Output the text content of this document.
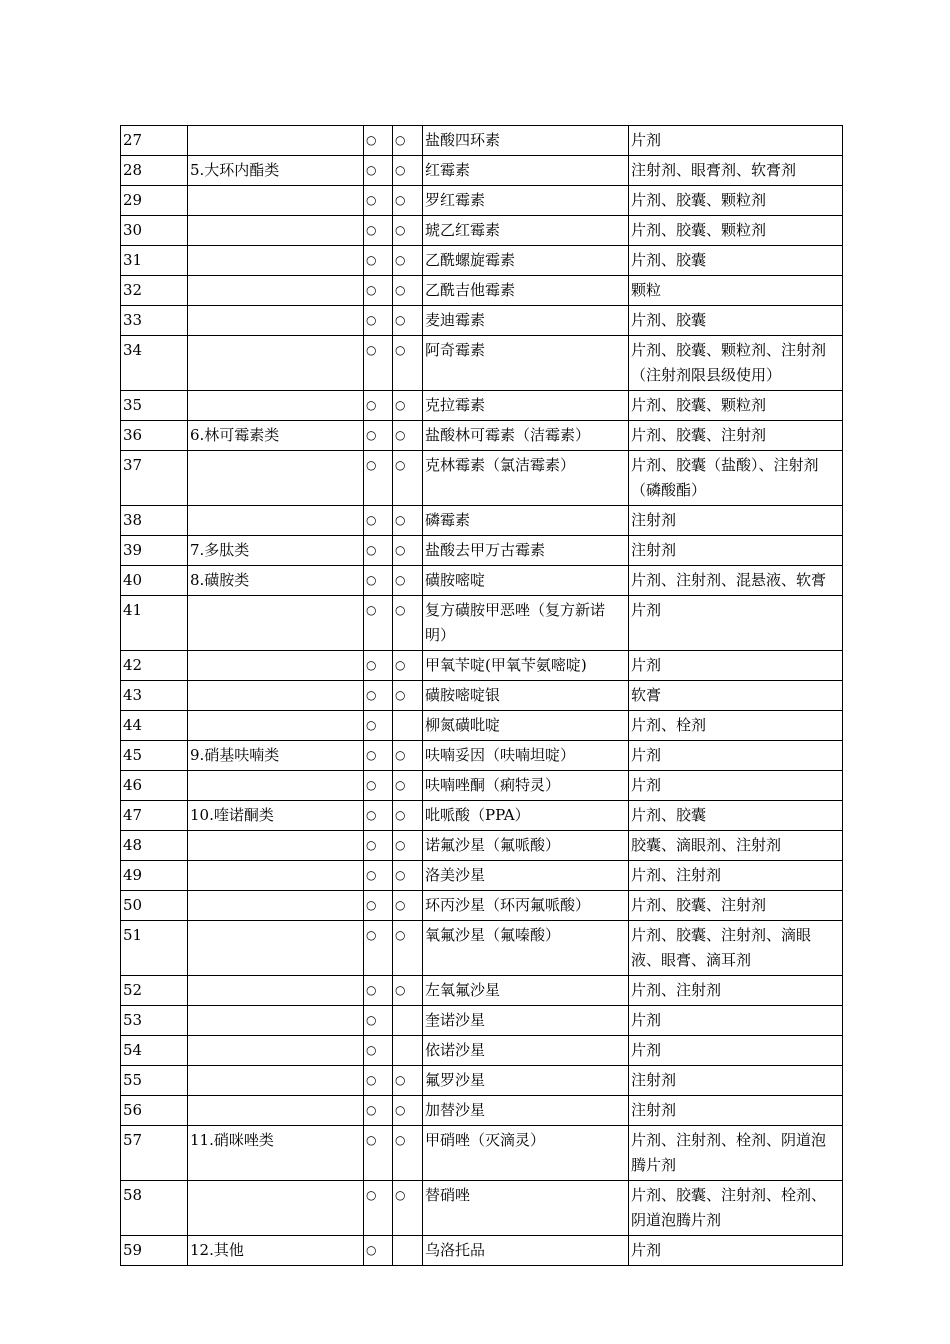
27		○	○	盐酸四环素	片剂
28	5.大环内酯类	○	○	红霉素	注射剂、眼膏剂、软膏剂
29		○	○	罗红霉素	片剂、胶囊、颗粒剂
30		○	○	琥乙红霉素	片剂、胶囊、颗粒剂
31		○	○	乙酰螺旋霉素	片剂、胶囊
32		○	○	乙酰吉他霉素	颗粒
33		○	○	麦迪霉素	片剂、胶囊
34		○	○	阿奇霉素	片剂、胶囊、颗粒剂、注射剂（注射剂限县级使用）
35		○	○	克拉霉素	片剂、胶囊、颗粒剂
36	6.林可霉素类	○	○	盐酸林可霉素（洁霉素）	片剂、胶囊、注射剂
37		○	○	克林霉素（氯洁霉素）	片剂、胶囊（盐酸）、注射剂（磷酸酯）
38		○	○	磷霉素	注射剂
39	7.多肽类	○	○	盐酸去甲万古霉素	注射剂
40	8.磺胺类	○	○	磺胺嘧啶	片剂、注射剂、混悬液、软膏
41		○	○	复方磺胺甲恶唑（复方新诺明）	片剂
42		○	○	甲氧苄啶(甲氧苄氨嘧啶)	片剂
43		○	○	磺胺嘧啶银	软膏
44		○		柳氮磺吡啶	片剂、栓剂
45	9.硝基呋喃类	○	○	呋喃妥因（呋喃坦啶）	片剂
46		○	○	呋喃唑酮（痢特灵）	片剂
47	10.喹诺酮类	○	○	吡哌酸（PPA）	片剂、胶囊
48		○	○	诺氟沙星（氟哌酸）	胶囊、滴眼剂、注射剂
49		○	○	洛美沙星	片剂、注射剂
50		○	○	环丙沙星（环丙氟哌酸）	片剂、胶囊、注射剂
51		○	○	氧氟沙星（氟嗪酸）	片剂、胶囊、注射剂、滴眼液、眼膏、滴耳剂
52		○	○	左氧氟沙星	片剂、注射剂
53		○		奎诺沙星	片剂
54		○		依诺沙星	片剂
55		○	○	氟罗沙星	注射剂
56		○	○	加替沙星	注射剂
57	11.硝咪唑类	○	○	甲硝唑（灭滴灵）	片剂、注射剂、栓剂、阴道泡腾片剂
58		○	○	替硝唑	片剂、胶囊、注射剂、栓剂、阴道泡腾片剂
59	12.其他	○		乌洛托品	片剂
